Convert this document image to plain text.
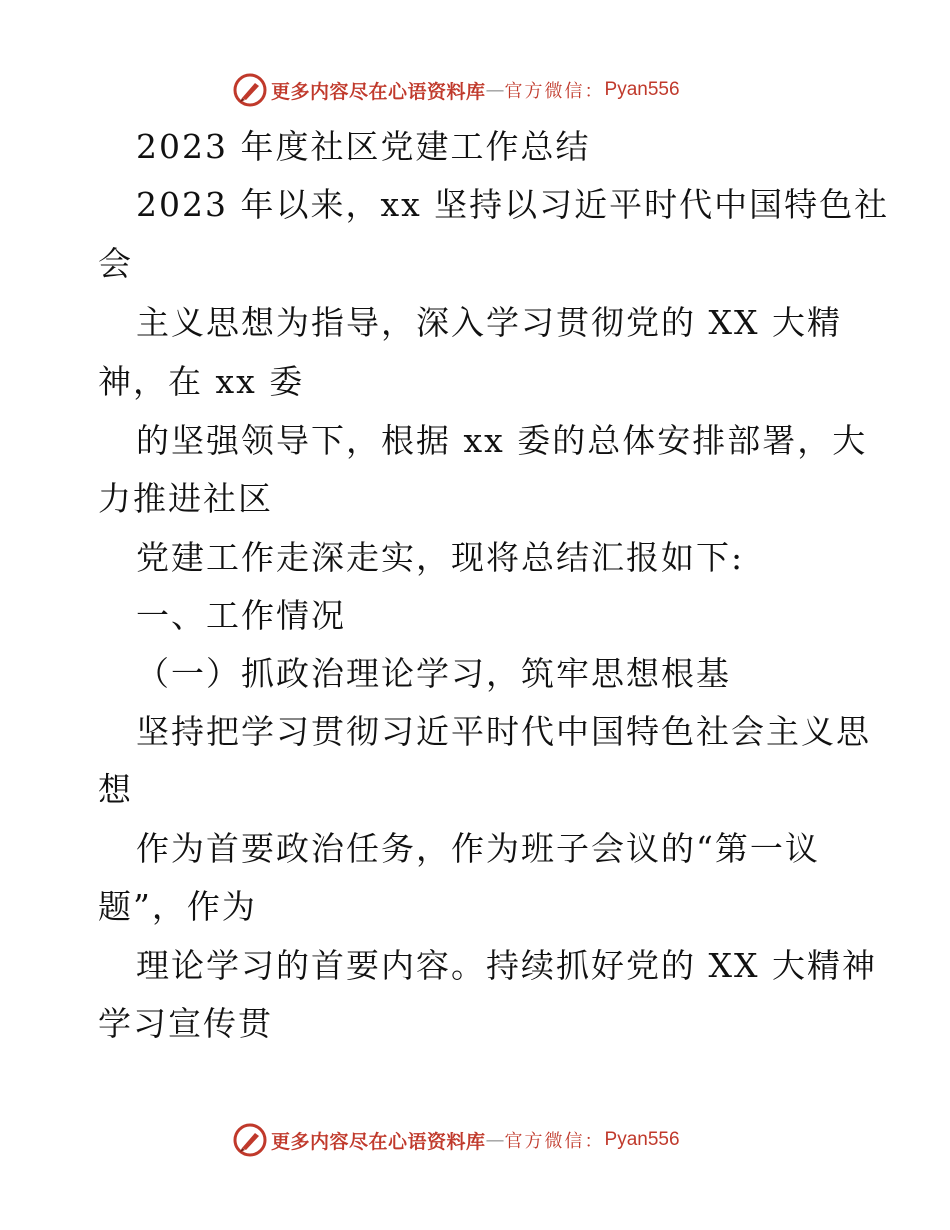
更多内容尽在心语资料库 — 官方微信： Pyan556
2023 年度社区党建工作总结
2023 年以来，xx 坚持以习近平时代中国特色社
会
主义思想为指导，深入学习贯彻党的 XX 大精
神，在 xx 委
的坚强领导下，根据 xx 委的总体安排部署，大
力推进社区
党建工作走深走实，现将总结汇报如下:
一、工作情况
（一）抓政治理论学习，筑牢思想根基
坚持把学习贯彻习近平时代中国特色社会主义思
想
作为首要政治任务，作为班子会议的“第一议
题”，作为
理论学习的首要内容。持续抓好党的 XX 大精神
学习宣传贯
更多内容尽在心语资料库 — 官方微信： Pyan556
